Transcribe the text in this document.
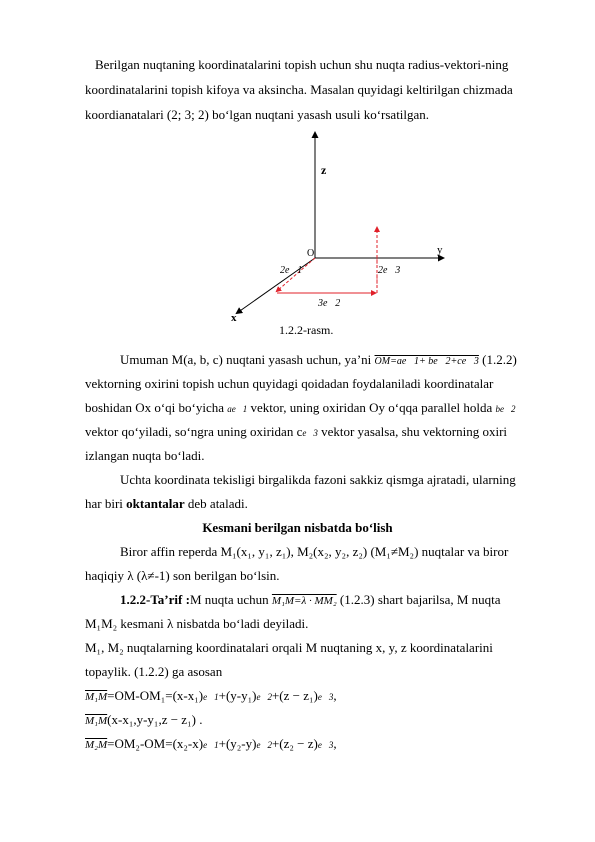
Berilgan nuqtaning koordinatalarini topish uchun shu nuqta radius-vektori-ning
koordinatalarini topish kifoya va aksincha. Masalan quyidagi keltirilgan chizmada
koordianatalari (2; 3; 2) bo‘lgan nuqtani yasash usuli ko‘rsatilgan.
z
y
x
O
2e⃗1	2e⃗3
3e⃗2
1.2.2-rasm.
Umuman M(a, b, c) nuqtani yasash uchun, ya’ni OM=ae⃗1+ be⃗2+ce⃗3 (1.2.2)
vektorning oxirini topish uchun quyidagi qoidadan foydalaniladi koordinatalar
boshidan Ox o‘qi bo‘yicha ae⃗1 vektor, uning oxiridan Oy o‘qqa parallel holda be⃗2
vektor qo‘yiladi, so‘ngra uning oxiridan ce⃗3 vektor yasalsa, shu vektorning oxiri
izlangan nuqta bo‘ladi.
Uchta koordinata tekisligi birgalikda fazoni sakkiz qismga ajratadi, ularning
har biri oktantalar deb ataladi.
Kesmani berilgan nisbatda bo‘lish
Biror affin reperda M₁(x₁, y₁, z₁), M₂(x₂, y₂, z₂) (M₁≠M₂) nuqtalar va biror
haqiqiy λ (λ≠-1) son berilgan bo‘lsin.
1.2.2-Ta’rif :M nuqta uchun M₁M=λ · MM₂ (1.2.3) shart bajarilsa, M nuqta
M₁M₂ kesmani λ nisbatda bo‘ladi deyiladi.
M₁, M₂ nuqtalarning koordinatalari orqali M nuqtaning x, y, z koordinatalarini
topaylik. (1.2.2) ga asosan
M₁M=OM-OM₁=(x-x₁)e⃗1+(y-y₁)e⃗2+(z − z₁)e⃗3,
M₁M(x-x₁,y-y₁,z − z₁) .
M₂M=OM₂-OM=(x₂-x)e⃗1+(y₂-y)e⃗2+(z₂ − z)e⃗3,
